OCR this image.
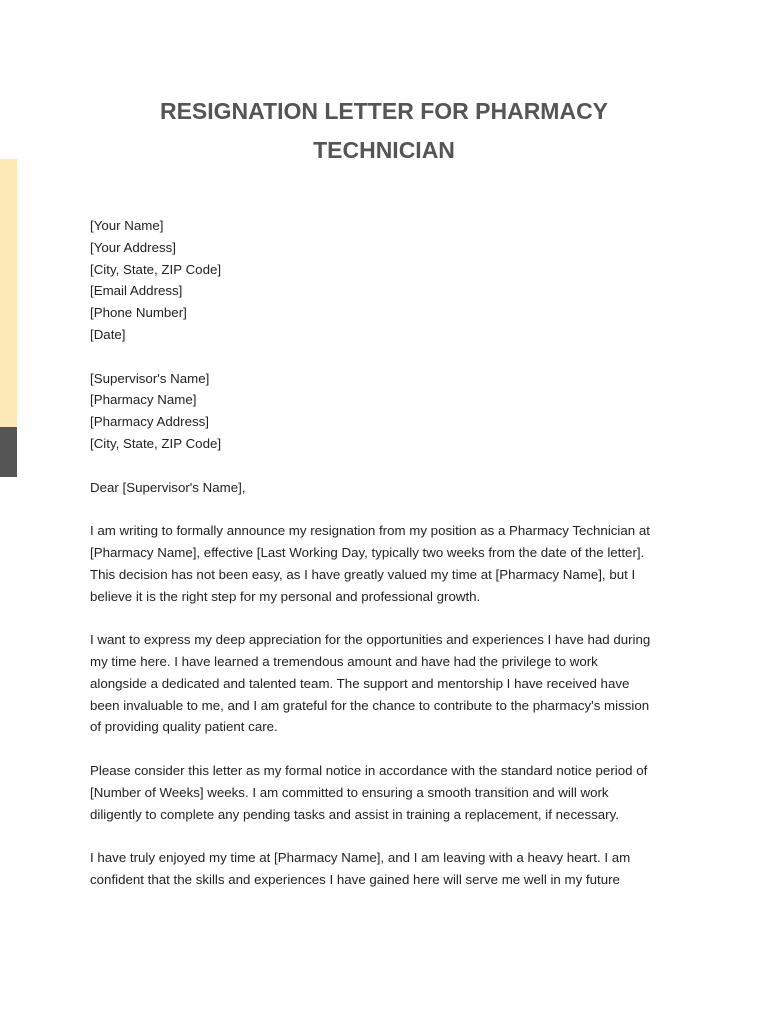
RESIGNATION LETTER FOR PHARMACY
TECHNICIAN
[Your Name]
[Your Address]
[City, State, ZIP Code]
[Email Address]
[Phone Number]
[Date]
[Supervisor's Name]
[Pharmacy Name]
[Pharmacy Address]
[City, State, ZIP Code]
Dear [Supervisor's Name],
I am writing to formally announce my resignation from my position as a Pharmacy Technician at
[Pharmacy Name], effective [Last Working Day, typically two weeks from the date of the letter].
This decision has not been easy, as I have greatly valued my time at [Pharmacy Name], but I
believe it is the right step for my personal and professional growth.
I want to express my deep appreciation for the opportunities and experiences I have had during
my time here. I have learned a tremendous amount and have had the privilege to work
alongside a dedicated and talented team. The support and mentorship I have received have
been invaluable to me, and I am grateful for the chance to contribute to the pharmacy's mission
of providing quality patient care.
Please consider this letter as my formal notice in accordance with the standard notice period of
[Number of Weeks] weeks. I am committed to ensuring a smooth transition and will work
diligently to complete any pending tasks and assist in training a replacement, if necessary.
I have truly enjoyed my time at [Pharmacy Name], and I am leaving with a heavy heart. I am
confident that the skills and experiences I have gained here will serve me well in my future
